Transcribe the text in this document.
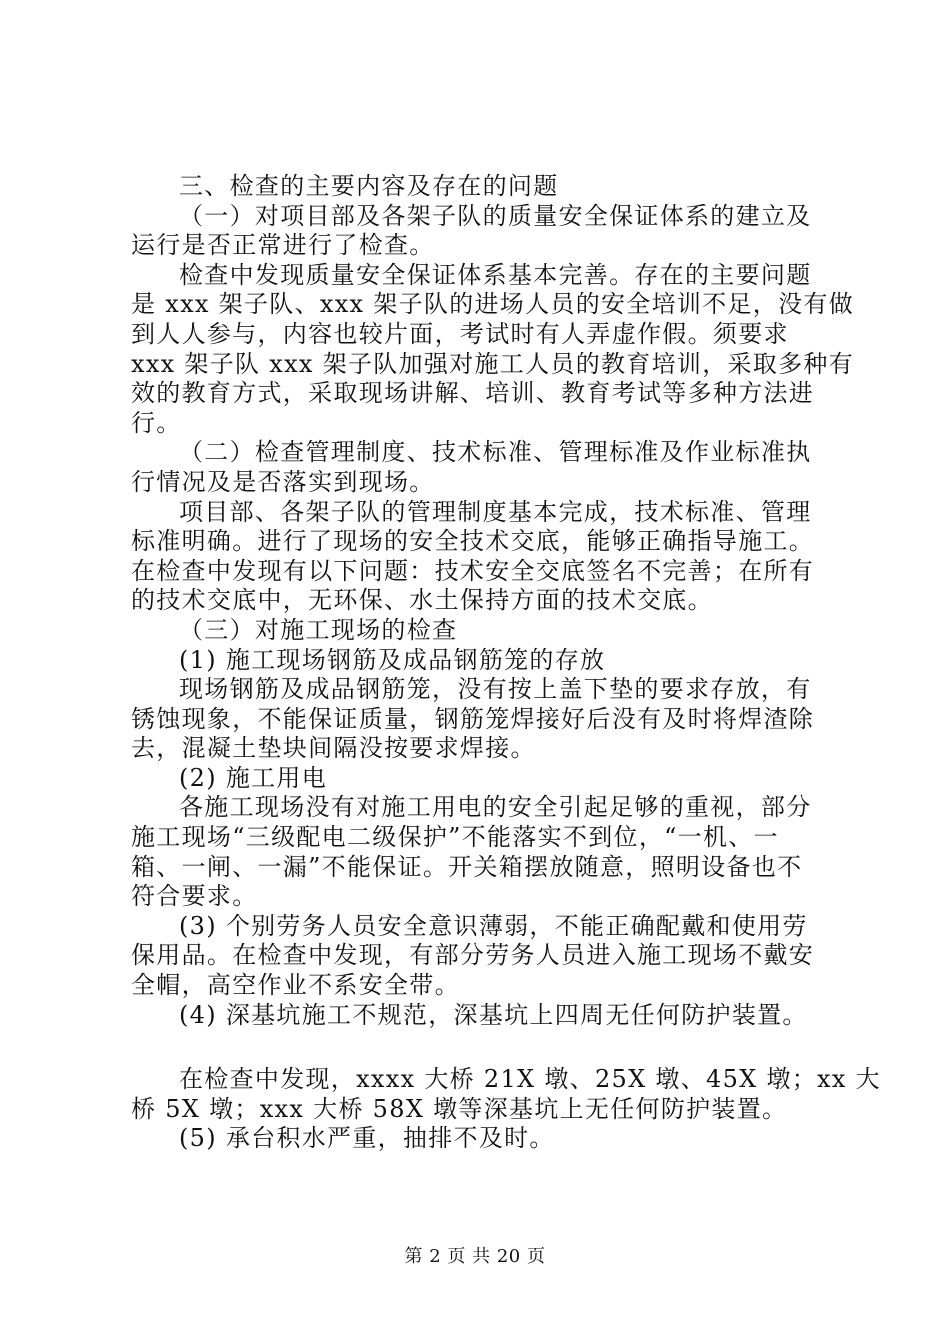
三、检查的主要内容及存在的问题

（一）对项目部及各架子队的质量安全保证体系的建立及

运行是否正常进行了检查。

检查中发现质量安全保证体系基本完善。存在的主要问题

是 xxx 架子队、xxx 架子队的进场人员的安全培训不足，没有做

到人人参与，内容也较片面，考试时有人弄虚作假。须要求

xxx 架子队 xxx 架子队加强对施工人员的教育培训，采取多种有

效的教育方式，采取现场讲解、培训、教育考试等多种方法进

行。

（二）检查管理制度、技术标准、管理标准及作业标准执

行情况及是否落实到现场。

项目部、各架子队的管理制度基本完成，技术标准、管理

标准明确。进行了现场的安全技术交底，能够正确指导施工。

在检查中发现有以下问题：技术安全交底签名不完善；在所有

的技术交底中，无环保、水土保持方面的技术交底。

（三）对施工现场的检查

(1) 施工现场钢筋及成品钢筋笼的存放

现场钢筋及成品钢筋笼，没有按上盖下垫的要求存放，有

锈蚀现象，不能保证质量，钢筋笼焊接好后没有及时将焊渣除

去，混凝土垫块间隔没按要求焊接。

(2) 施工用电

各施工现场没有对施工用电的安全引起足够的重视，部分

施工现场“三级配电二级保护”不能落实不到位，“一机、一

箱、一闸、一漏”不能保证。开关箱摆放随意，照明设备也不

符合要求。

(3) 个别劳务人员安全意识薄弱，不能正确配戴和使用劳

保用品。在检查中发现，有部分劳务人员进入施工现场不戴安

全帽，高空作业不系安全带。

(4) 深基坑施工不规范，深基坑上四周无任何防护装置。

在检查中发现，xxxx 大桥 21X 墩、25X 墩、45X 墩；xx 大

桥 5X 墩；xxx 大桥 58X 墩等深基坑上无任何防护装置。

(5) 承台积水严重，抽排不及时。

第 2 页 共 20 页
